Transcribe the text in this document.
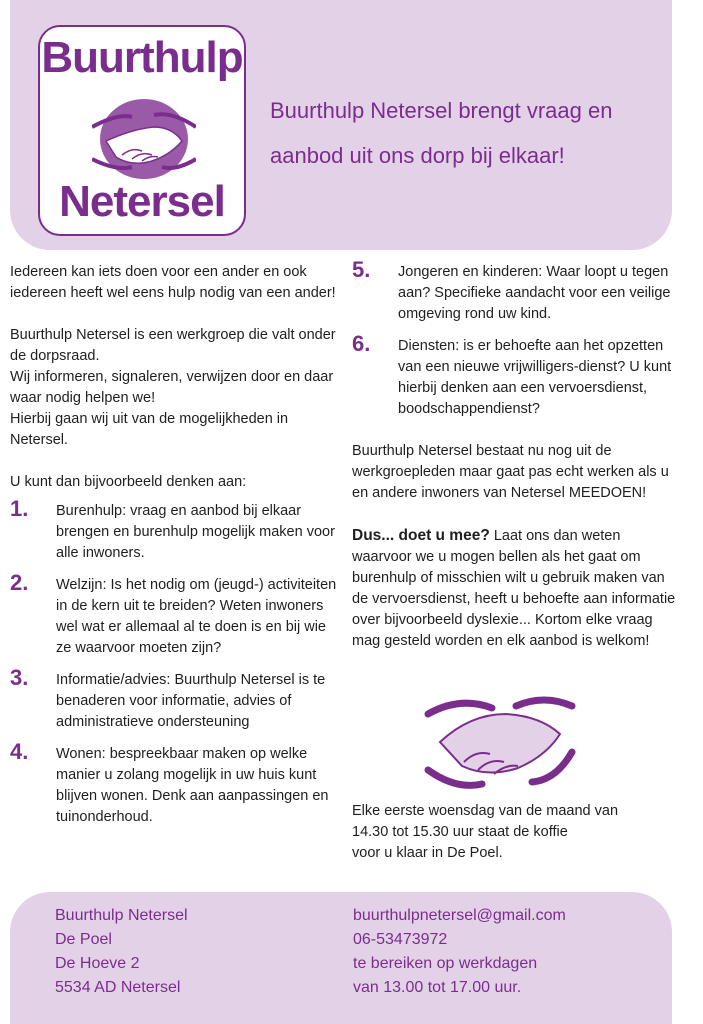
Buurthulp
Netersel
Buurthulp Netersel brengt vraag en
aanbod uit ons dorp bij elkaar!

Iedereen kan iets doen voor een ander en ook iedereen heeft wel eens hulp nodig van een ander!

Buurthulp Netersel is een werkgroep die valt onder de dorpsraad.
Wij informeren, signaleren, verwijzen door en daar waar nodig helpen we!
Hierbij gaan wij uit van de mogelijkheden in Netersel.

U kunt dan bijvoorbeeld denken aan:

1. Burenhulp: vraag en aanbod bij elkaar brengen en burenhulp mogelijk maken voor alle inwoners.
2. Welzijn: Is het nodig om (jeugd-) activiteiten in de kern uit te breiden? Weten inwoners wel wat er allemaal al te doen is en bij wie ze waarvoor moeten zijn?
3. Informatie/advies: Buurthulp Netersel is te benaderen voor informatie, advies of administratieve ondersteuning
4. Wonen: bespreekbaar maken op welke manier u zolang mogelijk in uw huis kunt blijven wonen. Denk aan aanpassingen en tuinonderhoud.
5. Jongeren en kinderen: Waar loopt u tegen aan? Specifieke aandacht voor een veilige omgeving rond uw kind.
6. Diensten: is er behoefte aan het opzetten van een nieuwe vrijwilligers-dienst? U kunt hierbij denken aan een vervoersdienst, boodschappendienst?

Buurthulp Netersel bestaat nu nog uit de werkgroepleden maar gaat pas echt werken als u en andere inwoners van Netersel MEEDOEN!

Dus... doet u mee? Laat ons dan weten waarvoor we u mogen bellen als het gaat om burenhulp of misschien wilt u gebruik maken van de vervoersdienst, heeft u behoefte aan informatie over bijvoorbeeld dyslexie... Kortom elke vraag mag gesteld worden en elk aanbod is welkom!

Elke eerste woensdag van de maand van
14.30 tot 15.30 uur staat de koffie
voor u klaar in De Poel.
Buurthulp Netersel
De Poel
De Hoeve 2
5534 AD Netersel
buurthulpnetersel@gmail.com
06-53473972
te bereiken op werkdagen
van 13.00 tot 17.00 uur.
